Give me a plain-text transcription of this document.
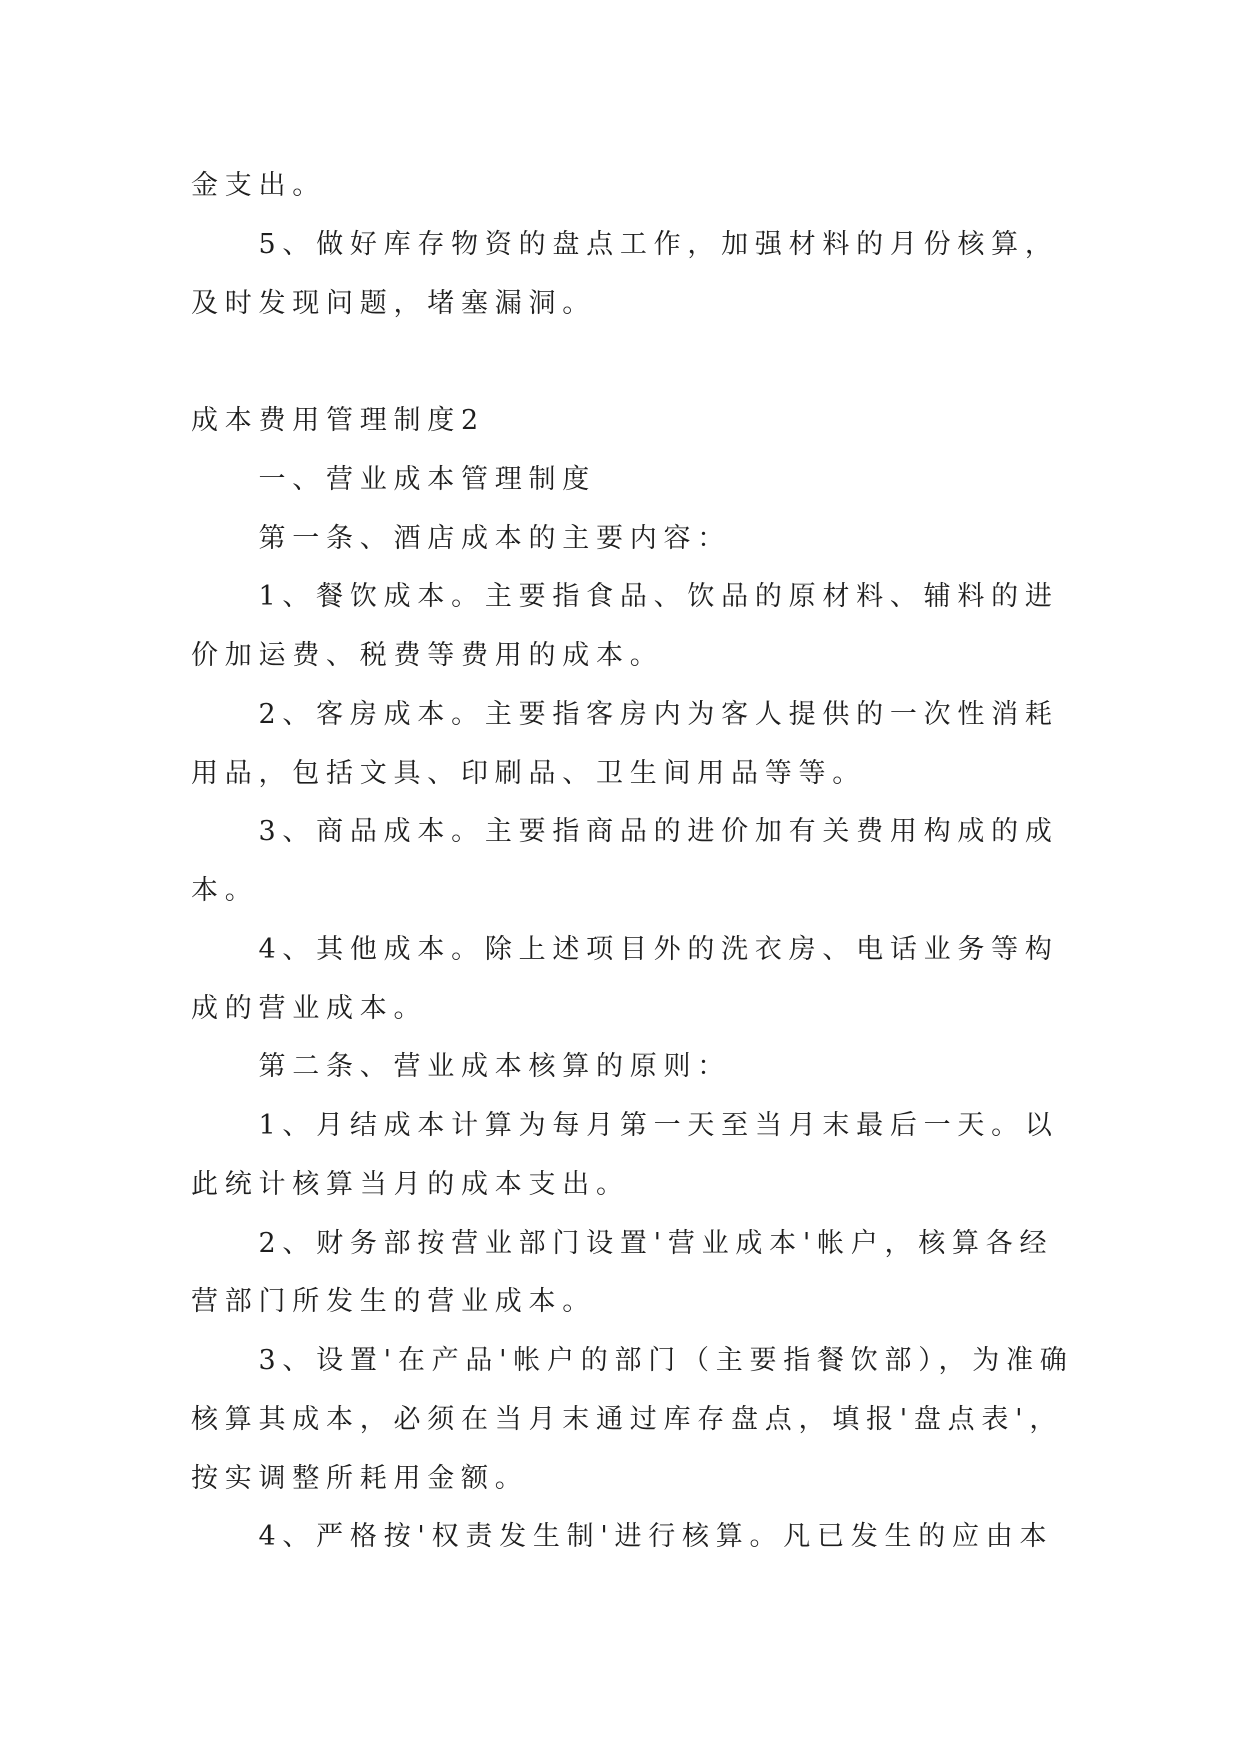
金支出。
5、做好库存物资的盘点工作，加强材料的月份核算，
及时发现问题，堵塞漏洞。
成本费用管理制度2
一、营业成本管理制度
第一条、酒店成本的主要内容：
1、餐饮成本。主要指食品、饮品的原材料、辅料的进
价加运费、税费等费用的成本。
2、客房成本。主要指客房内为客人提供的一次性消耗
用品，包括文具、印刷品、卫生间用品等等。
3、商品成本。主要指商品的进价加有关费用构成的成
本。
4、其他成本。除上述项目外的洗衣房、电话业务等构
成的营业成本。
第二条、营业成本核算的原则：
1、月结成本计算为每月第一天至当月末最后一天。以
此统计核算当月的成本支出。
2、财务部按营业部门设置'营业成本'帐户，核算各经
营部门所发生的营业成本。
3、设置'在产品'帐户的部门（主要指餐饮部），为准确
核算其成本，必须在当月末通过库存盘点，填报'盘点表'，
按实调整所耗用金额。
4、严格按'权责发生制'进行核算。凡已发生的应由本
